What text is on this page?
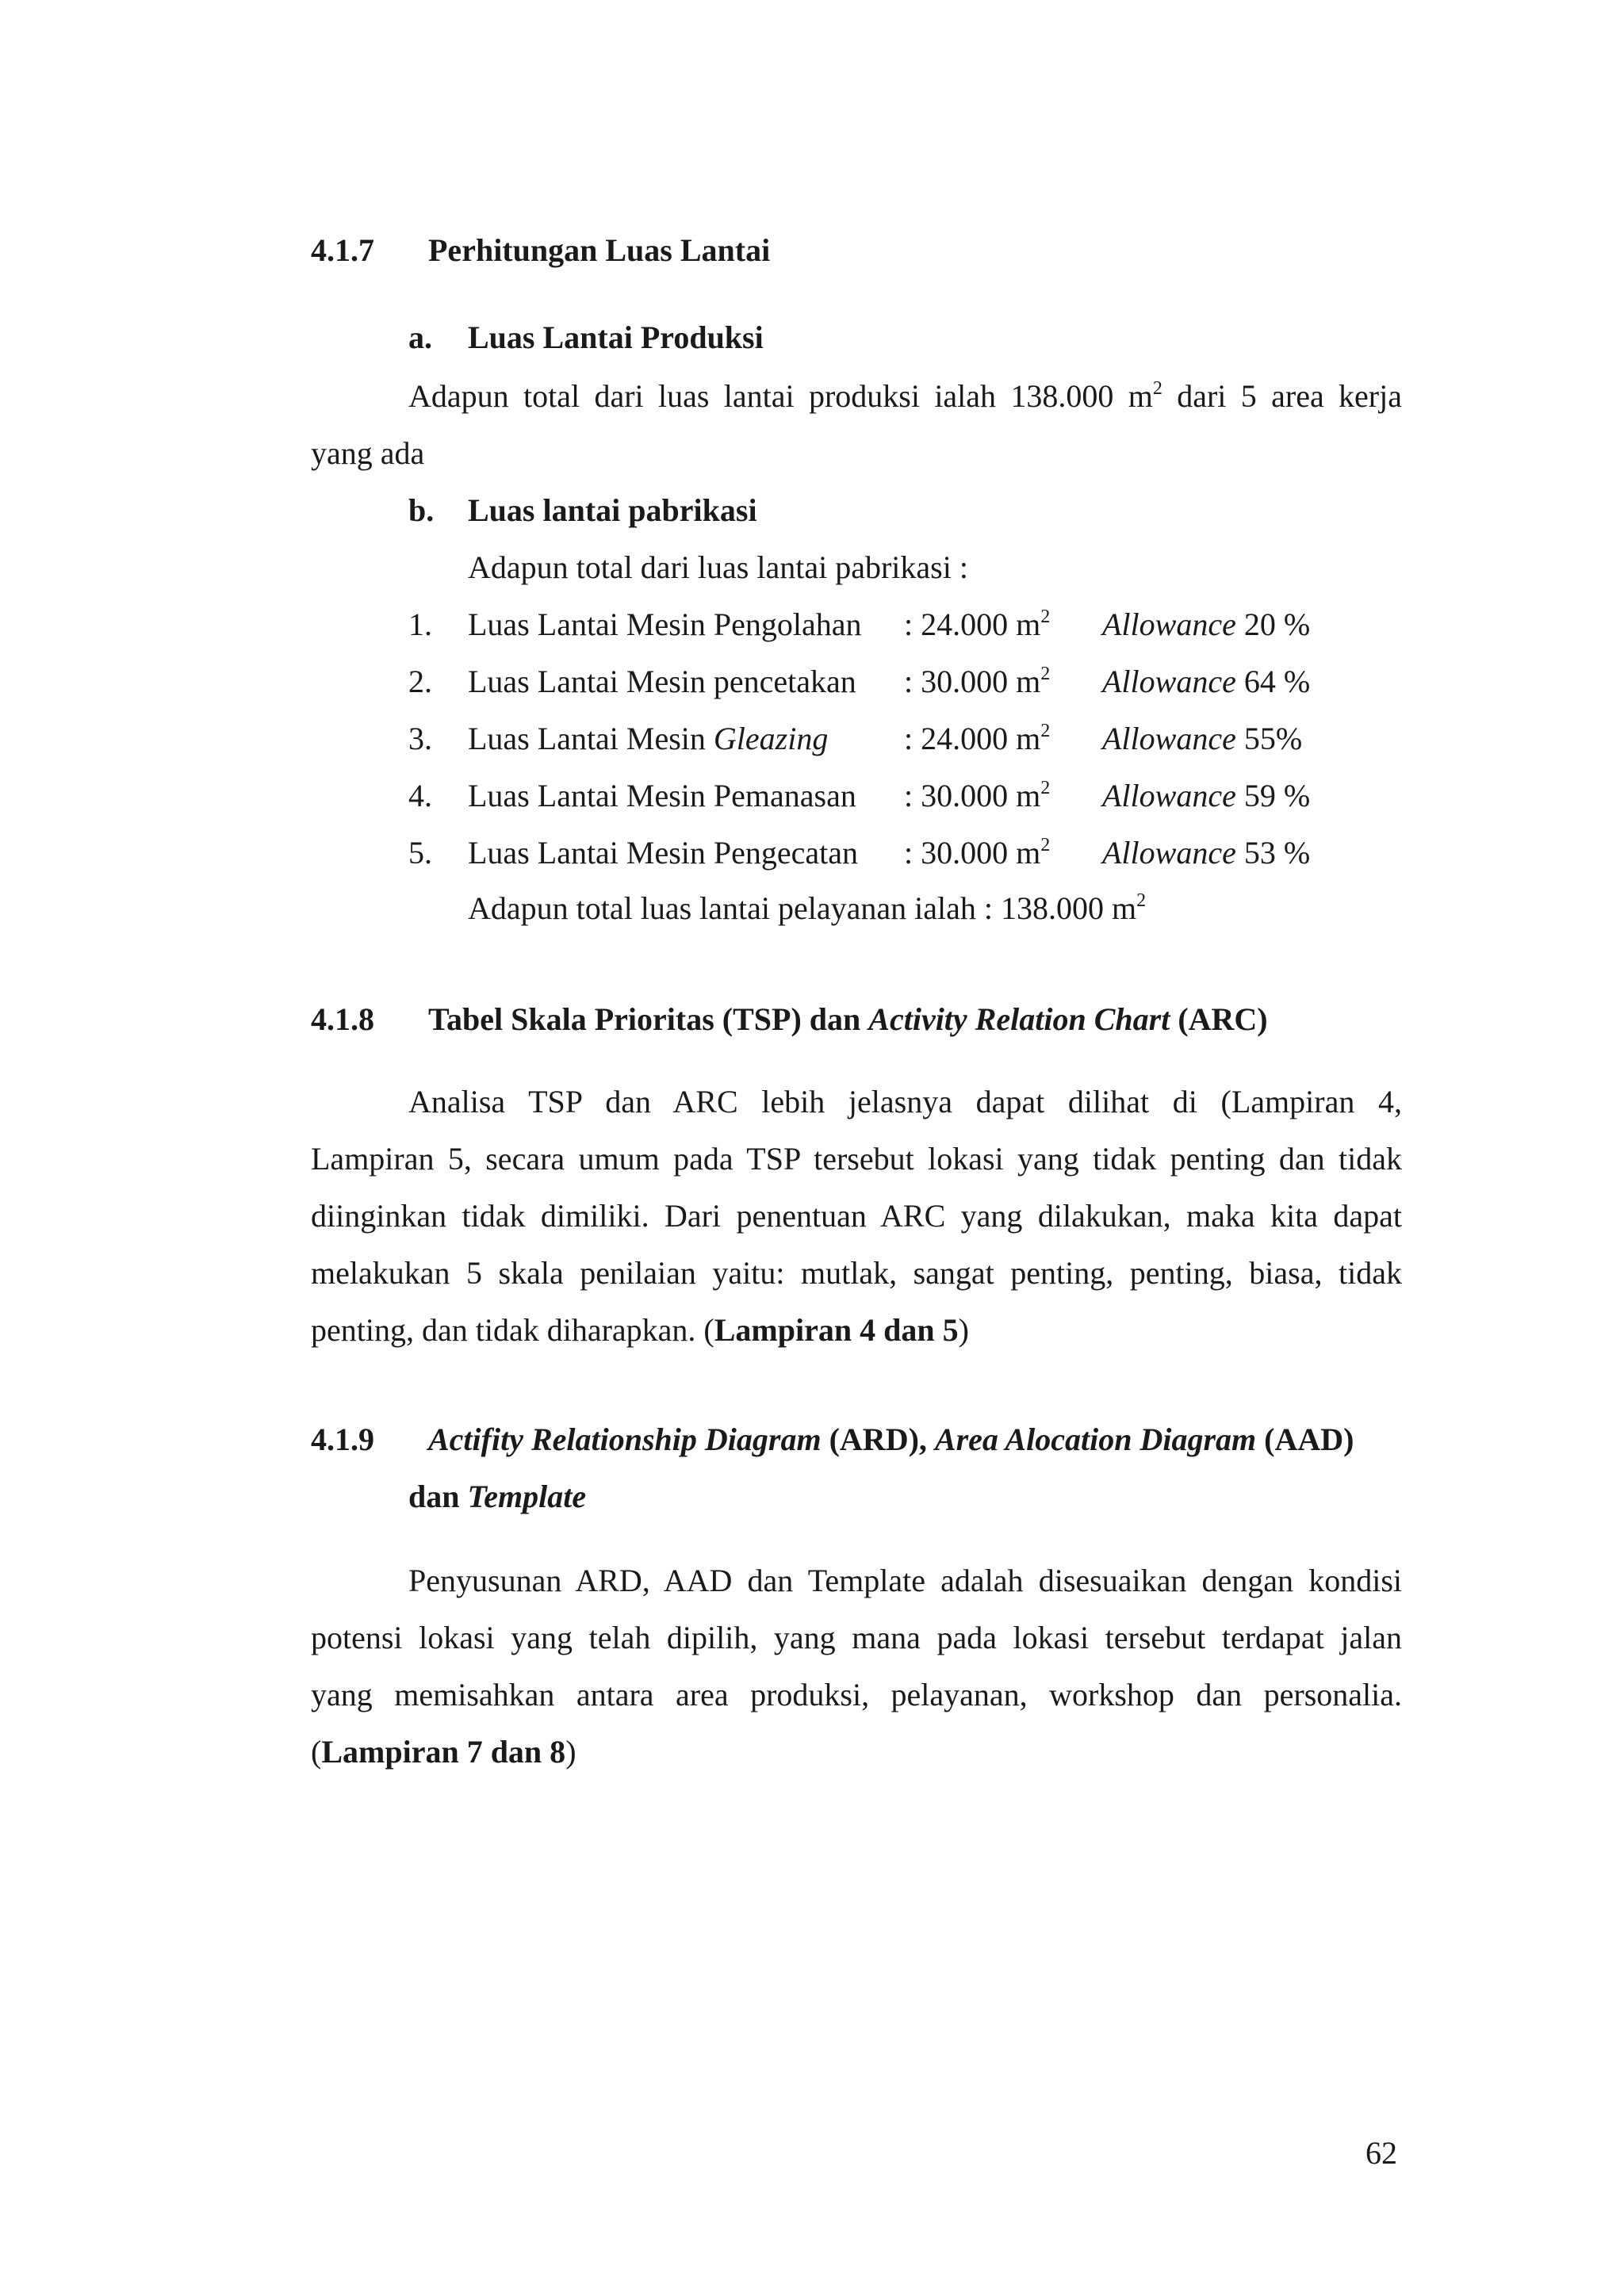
4.1.7 Perhitungan Luas Lantai
a. Luas Lantai Produksi
Adapun total dari luas lantai produksi ialah 138.000 $m^2$ dari 5 area kerja
yang ada
b. Luas lantai pabrikasi
Adapun total dari luas lantai pabrikasi :
1. Luas Lantai Mesin Pengolahan : 24.000 $m^2$ Allowance 20 %
2. Luas Lantai Mesin pencetakan : 30.000 $m^2$ Allowance 64 %
3. Luas Lantai Mesin Gleazing : 24.000 $m^2$ Allowance 55%
4. Luas Lantai Mesin Pemanasan : 30.000 $m^2$ Allowance 59 %
5. Luas Lantai Mesin Pengecatan : 30.000 $m^2$ Allowance 53 %
Adapun total luas lantai pelayanan ialah : 138.000 $m^2$
4.1.8 Tabel Skala Prioritas (TSP) dan Activity Relation Chart (ARC)
Analisa TSP dan ARC lebih jelasnya dapat dilihat di (Lampiran 4,
Lampiran 5, secara umum pada TSP tersebut lokasi yang tidak penting dan tidak
diinginkan tidak dimiliki. Dari penentuan ARC yang dilakukan, maka kita dapat
melakukan 5 skala penilaian yaitu: mutlak, sangat penting, penting, biasa, tidak
penting, dan tidak diharapkan. (Lampiran 4 dan 5)
4.1.9 Actifity Relationship Diagram (ARD), Area Alocation Diagram (AAD)
dan Template
Penyusunan ARD, AAD dan Template adalah disesuaikan dengan kondisi
potensi lokasi yang telah dipilih, yang mana pada lokasi tersebut terdapat jalan
yang memisahkan antara area produksi, pelayanan, workshop dan personalia.
(Lampiran 7 dan 8)
62
